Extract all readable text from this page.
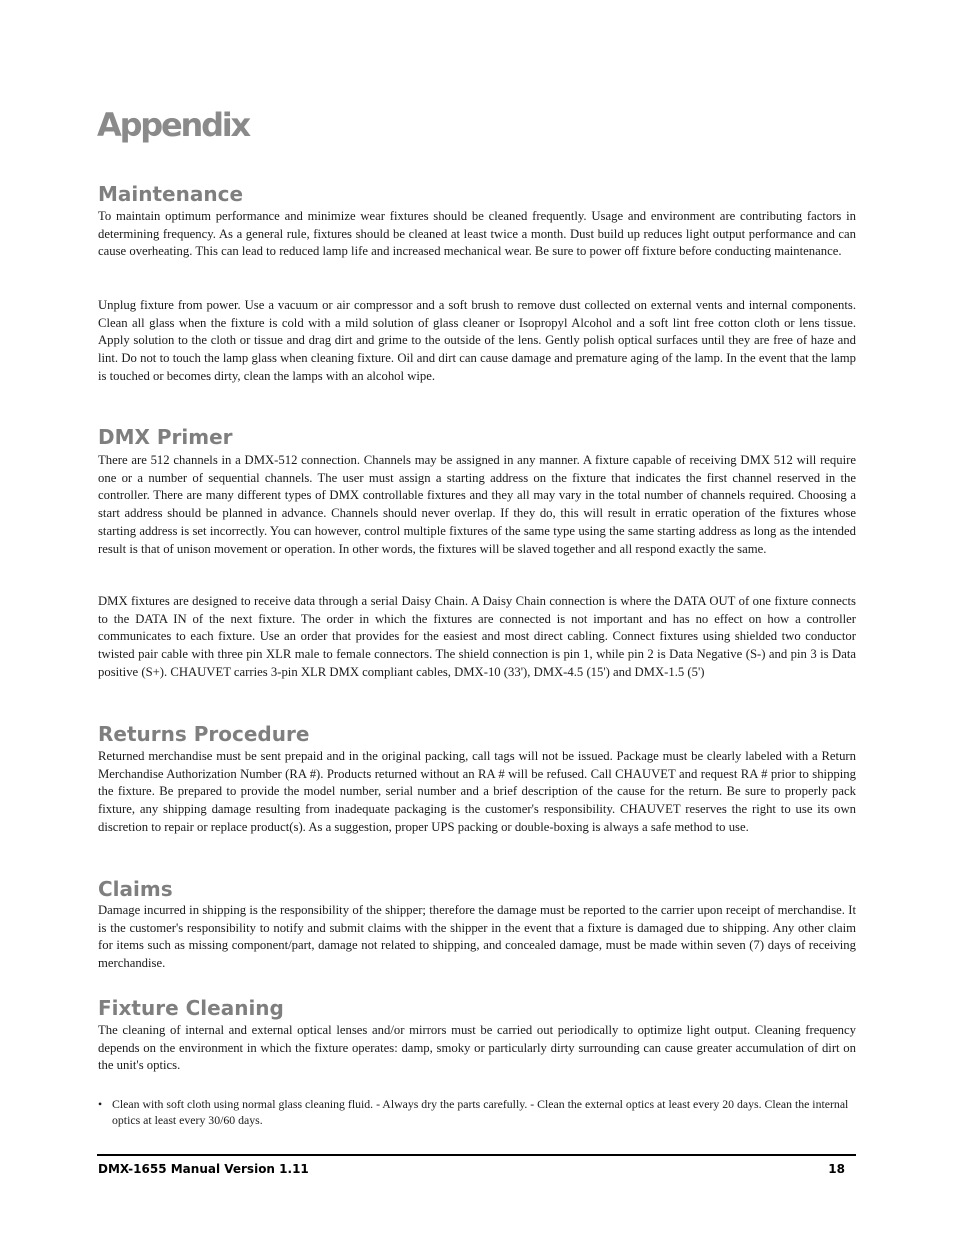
Appendix
Maintenance

To maintain optimum performance and minimize wear fixtures should be cleaned frequently. Usage and environment are contributing factors in determining frequency. As a general rule, fixtures should be cleaned at least twice a month. Dust build up reduces light output performance and can cause overheating. This can lead to reduced lamp life and increased mechanical wear. Be sure to power off fixture before conducting maintenance.

Unplug fixture from power. Use a vacuum or air compressor and a soft brush to remove dust collected on external vents and internal components. Clean all glass when the fixture is cold with a mild solution of glass cleaner or Isopropyl Alcohol and a soft lint free cotton cloth or lens tissue. Apply solution to the cloth or tissue and drag dirt and grime to the outside of the lens. Gently polish optical surfaces until they are free of haze and lint. Do not to touch the lamp glass when cleaning fixture. Oil and dirt can cause damage and premature aging of the lamp. In the event that the lamp is touched or becomes dirty, clean the lamps with an alcohol wipe.

DMX Primer

There are 512 channels in a DMX-512 connection. Channels may be assigned in any manner. A fixture capable of receiving DMX 512 will require one or a number of sequential channels. The user must assign a starting address on the fixture that indicates the first channel reserved in the controller. There are many different types of DMX controllable fixtures and they all may vary in the total number of channels required. Choosing a start address should be planned in advance. Channels should never overlap. If they do, this will result in erratic operation of the fixtures whose starting address is set incorrectly. You can however, control multiple fixtures of the same type using the same starting address as long as the intended result is that of unison movement or operation. In other words, the fixtures will be slaved together and all respond exactly the same.

DMX fixtures are designed to receive data through a serial Daisy Chain. A Daisy Chain connection is where the DATA OUT of one fixture connects to the DATA IN of the next fixture. The order in which the fixtures are connected is not important and has no effect on how a controller communicates to each fixture. Use an order that provides for the easiest and most direct cabling. Connect fixtures using shielded two conductor twisted pair cable with three pin XLR male to female connectors. The shield connection is pin 1, while pin 2 is Data Negative (S-) and pin 3 is Data positive (S+). CHAUVET carries 3-pin XLR DMX compliant cables, DMX-10 (33'), DMX-4.5 (15') and DMX-1.5 (5')

Returns Procedure

Returned merchandise must be sent prepaid and in the original packing, call tags will not be issued. Package must be clearly labeled with a Return Merchandise Authorization Number (RA #). Products returned without an RA # will be refused. Call CHAUVET and request RA # prior to shipping the fixture. Be prepared to provide the model number, serial number and a brief description of the cause for the return. Be sure to properly pack fixture, any shipping damage resulting from inadequate packaging is the customer's responsibility. CHAUVET reserves the right to use its own discretion to repair or replace product(s). As a suggestion, proper UPS packing or double-boxing is always a safe method to use.

Claims

Damage incurred in shipping is the responsibility of the shipper; therefore the damage must be reported to the carrier upon receipt of merchandise. It is the customer's responsibility to notify and submit claims with the shipper in the event that a fixture is damaged due to shipping. Any other claim for items such as missing component/part, damage not related to shipping, and concealed damage, must be made within seven (7) days of receiving merchandise.

Fixture Cleaning

The cleaning of internal and external optical lenses and/or mirrors must be carried out periodically to optimize light output. Cleaning frequency depends on the environment in which the fixture operates: damp, smoky or particularly dirty surrounding can cause greater accumulation of dirt on the unit's optics.

• Clean with soft cloth using normal glass cleaning fluid. - Always dry the parts carefully. - Clean the external optics at least every 20 days. Clean the internal optics at least every 30/60 days.
DMX-1655 Manual Version 1.11	18
